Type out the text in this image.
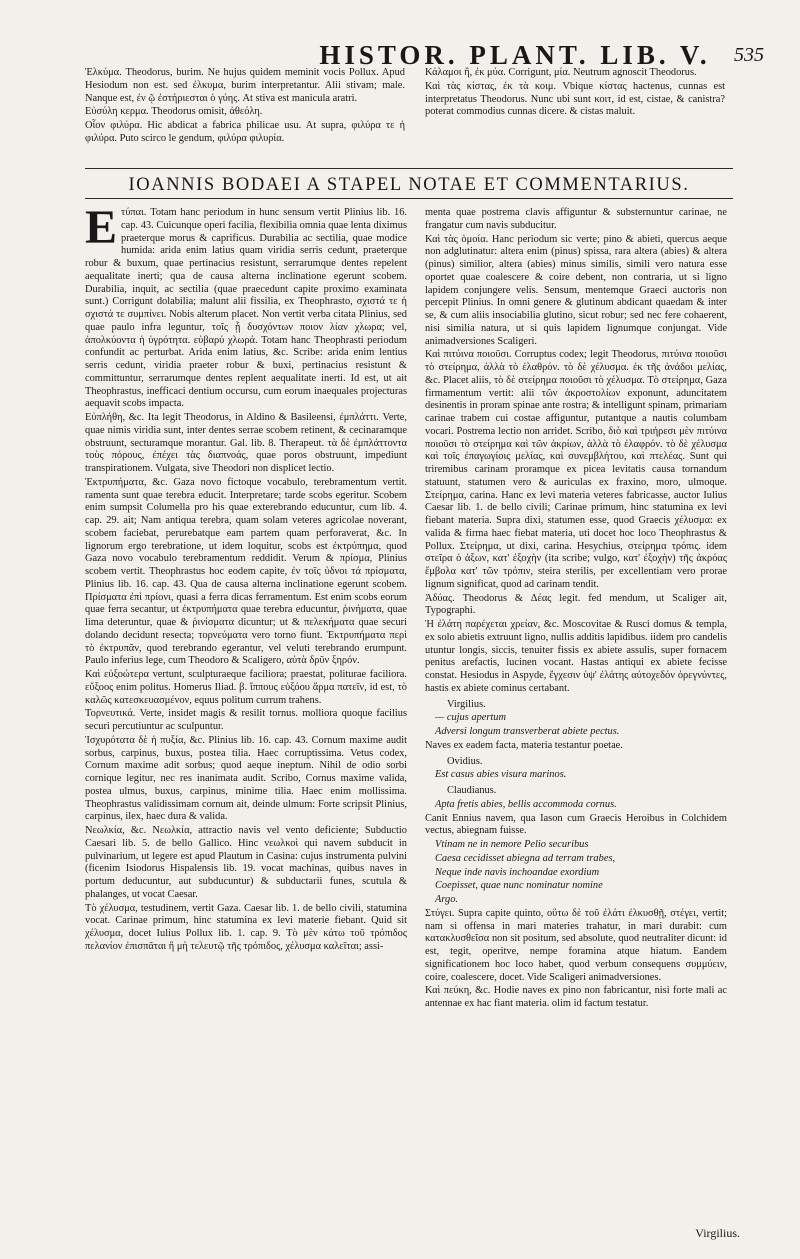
HISTOR. PLANT. LIB. V.	535

Ἐλκύμα. Theodorus, burim. Ne hujus quidem meminit vocis Pollux. Apud Hesiodum non est. sed ἐλκυμα, burim interpretantur. Alii stivam; male. Nanque est, ἐν ῷ ἐστήριεσται ὁ γύης. At stiva est manicula aratri.

Εὐσύλη κερμα. Theodorus omisit, ἀθεόλη.

Οἷον φιλύρα. Hic abdicat a fabrica philicae usu. At supra, φιλύρα τε ἡ φιλύρα. Puto scirco le gendum, φιλύρα φιλυρία.

Κάλαμοι ἢ, ἐκ μύα. Corrigunt, μία. Neutrum agnoscit Theodorus.

Καὶ τὰς κίστας, ἐκ τὰ κοιμ. Vbique κίστας hactenus, cunnas est interpretatus Theodorus. Nunc ubi sunt κοιτ, id est, cistae, & canistra? poterat commodius cunnas dicere. & cistas maluit.

IOANNIS BODAEI A STAPEL NOTAE ET COMMENTARIUS.

Eτύπαι. Totam hanc periodum in hunc sensum vertit Plinius lib. 16. cap. 43. Cuicunque operi facilia, flexibilia omnia quae lenta diximus praeterque morus & caprificus. Durabilia ac sectilia, quae modice humida: arida enim latius quam viridia serris cedunt, praeterque robur & buxum, quae pertinacius resistunt, serrarumque dentes repelent aequalitate inerti; qua de causa alterna inclinatione egerunt scobem. Durabilia, inquit, ac sectilia (quae praecedunt capite proximo examinata sunt.) Corrigunt dolabilia; malunt alii fissilia, ex Theophrasto, σχιστά τε ἡ σχιστά τε συμπίνει. Nobis alterum placet. Non vertit verba citata Plinius, sed quae paulo infra leguntur, τοῖς ᾗ δυσχόντων ποιον λίαν χλωρα; vel, ἀπολκύοντα ἡ ὑγρότητα. εὐβαρύ χλωρά. Totam hanc Theophrasti periodum confundit ac perturbat. Arida enim latius, &c. Scribe: arida enim lentius serris cedunt, viridia praeter robur & buxi, pertinacius resistunt & committuntur, serrarumque dentes replent aequalitate inerti. Id est, ut ait Theophrastus, inefficaci dentium occursu, cum eorum inaequales projecturas aequavit scobs impacta.

Εὐπλήθη, &c. Ita legit Theodorus, in Aldino & Basileensi, ἐμπλάττι. Verte, quae nimis viridia sunt, inter dentes serrae scobem retinent, & cecinaramque obstruunt, secturamque morantur. Gal. lib. 8. Therapeut. τὰ δὲ ἐμπλάττοντα τοὺς πόρους, ἐπέχει τὰς διαπνοάς, quae poros obstruunt, impediunt transpirationem. Vulgata, sive Theodori non displicet lectio.

Ἐκτρυπήματα, &c. Gaza novo fictoque vocabulo, terebramentum vertit. ramenta sunt quae terebra educit. Interpretare; tarde scobs egeritur. Scobem enim sumpsit Columella pro his quae exterebrando educuntur, cum lib. 4. cap. 29. ait; Nam antiqua terebra, quam solam veteres agricolae noverant, scobem faciebat, perurebatque eam partem quam perforaverat, &c. In lignorum ergo terebratione, ut idem loquitur, scobs est ἐκτρύπημα, quod Gaza novo vocabulo terebramentum reddidit. Verum & πρίσμα, Plinius scobem vertit. Theophrastus hoc eodem capite, ἐν τοῖς ὑδνοι τά πρίσματα, Plinius lib. 16. cap. 43. Qua de causa alterna inclinatione egerunt scobem. Πρίσματα ἐπὶ πρίονι, quasi a ferra dicas ferramentum. Est enim scobs eorum quae ferra secantur, ut ἐκτρυπήματα quae terebra educuntur, ῥινήματα, quae lima deteruntur, quae & ῥινίσματα dicuntur; ut & πελεκήματα quae securi dolando decidunt resecta; τορνεύματα vero torno fiunt. Ἐκτρυπήματα περὶ τὸ ἐκτρυπᾶν, quod terebrando egerantur, vel veluti terebrando erumpunt. Paulo inferius lege, cum Theodoro & Scaligero, αὐτὰ δρῦν ξηρόν.

Καὶ εὐξοώτερα vertunt, sculpturaeque faciliora; praestat, politurae faciliora. εὔξοος enim politus. Homerus Iliad. β. ἵππους εὐξόου ἅρμα πατεῖν, id est, τὸ καλῶς κατεσκευασμένον, equus politum currum trahens.

Τορνευτικά. Verte, insidet magis & resilit tornus. molliora quoque facilius securi percutiuntur ac sculpuntur.

Ἰσχυρότατα δὲ ἡ πυξία, &c. Plinius lib. 16. cap. 43. Cornum maxime audit sorbus, carpinus, buxus, postea tilia. Haec corruptissima. Vetus codex, Cornum maxime adit sorbus; quod aeque ineptum. Nihil de odio sorbi cornique legitur, nec res inanimata audit. Scribo, Cornus maxime valida, postea ulmus, buxus, carpinus, minime tilia. Haec enim mollissima. Theophrastus validissimam cornum ait, deinde ulmum: Forte scripsit Plinius, carpinus, ilex, haec dura & valida.

Νεωλκία, &c. Νεωλκία, attractio navis vel vento deficiente; Subductio Caesari lib. 5. de bello Gallico. Hinc νεωλκοὶ qui navem subducit in pulvinarium, ut legere est apud Plautum in Casina: cujus instrumenta pulvini (ficenim Isiodorus Hispalensis lib. 19. vocat machinas, quibus naves in portum deducuntur, aut subducuntur) & subductarii funes, scutula & phalanges, ut vocat Caesar.

Τὸ χέλυσμα, testudinem, vertit Gaza. Caesar lib. 1. de bello civili, statumina vocat. Carinae primum, hinc statumina ex levi materie fiebant. Quid sit χέλυσμα, docet Iulius Pollux lib. 1. cap. 9. Τὸ μὲν κάτω τοῦ τρόπιδος πελανίον ἐπισπᾶται ἢ μὴ τελευτῷ τῆς τρόπιδος, χέλυσμα καλεῖται; assi-

menta quae postrema clavis affiguntur & substernuntur carinae, ne frangatur cum navis subducitur.

Καὶ τὰς ὁμοία. Hanc periodum sic verte; pino & abieti, quercus aeque non adglutinatur: altera enim (pinus) spissa, rara altera (abies) & altera (pinus) similior, altera (abies) minus similis, simili vero natura esse oportet quae coalescere & coire debent, non contraria, ut si ligno lapidem conjungere velis. Sensum, mentemque Graeci auctoris non percepit Plinius. In omni genere & glutinum abdicant quaedam & inter se, & cum aliis insociabilia glutino, sicut robur; sed nec fere cohaerent, nisi similia natura, ut si quis lapidem lignumque conjungat. Vide animadversiones Scaligeri.

Καὶ πιτύινα ποιοῦσι. Corruptus codex; legit Theodorus, πιτύινα ποιοῦσι τὸ στείρημα, ἀλλὰ τὸ ἐλαθρόν. τὸ δὲ χέλυσμα. ἐκ τῆς ἀνάδοι μελίας, &c. Placet aliis, τὸ δὲ στείρημα ποιοῦσι τὸ χέλυσμα. Τὸ στείρημα, Gaza firmamentum vertit: alii τῶν ἀκροστολίων exponunt, aduncitatem desinentis in proram spinae ante rostra; & intelligunt spinam, primariam carinae trabem cui costae affiguntur, putantque a nautis columbam vocari. Postrema lectio non arridet. Scribo, διὸ καὶ τριήρεσι μὲν πιτύινα ποιοῦσι τὸ στείρημα καὶ τῶν ἀκρίων, ἀλλὰ τὸ ἐλαφρόν. τὸ δὲ χέλυσμα καὶ τοῖς ἐπαγωγίοις μελίας, καὶ συνεμβλήτου, καὶ πτελέας. Sunt qui triremibus carinam proramque ex picea levitatis causa tornandum statuunt, statumen vero & auriculas ex fraxino, moro, ulmoque. Στείρημα, carina. Hanc ex levi materia veteres fabricasse, auctor Iulius Caesar lib. 1. de bello civili; Carinae primum, hinc statumina ex levi fiebant materia. Supra dixi, statumen esse, quod Graecis χέλυσμα: ex valida & firma haec fiebat materia, uti docet hoc loco Theophrastus & Pollux. Στείρημα, ut dixi, carina. Hesychius, στείρημα τρόπις. idem στεῖρα ὁ ἀξων, κατ' ἐξοχὴν (ita scribe; vulgo, κατ' ἐξοχὴν) τῆς ἀκρόας ἔμβολα κατ' τῶν τρόπιν, steira sterilis, per excellentiam vero proraе lignum significat, quod ad carinam tendit.

Ἀδύας. Theodorus & Δέας legit. fed mendum, ut Scaliger ait, Typographi.

Ἡ ἐλάτη παρέχεται χρείαν, &c. Moscovitae & Rusci domus & templa, ex solo abietis extruunt ligno, nullis additis lapidibus. iidem pro candelis utuntur longis, siccis, tenuiter fissis ex abiete assulis, super fornacem penitus arefactis, lucinen vocant. Hastas antiqui ex abiete fecisse constat. Hesiodus in Aspyde, ἔγχεσιν ὑψ' ἐλάτης αὐτοχεδόν ὀρεγνύντες, hastis ex abiete cominus certabant.

Virgilius.

— cujus apertum

Adversi longum transverberat abiete pectus.

Naves ex eadem facta, materia testantur poetae.

Ovidius.

Est casus abies visura marinos.

Claudianus.

Apta fretis abies, bellis accommoda cornus.

Canit Ennius navem, qua Iason cum Graecis Heroibus in Colchidem vectus, abiegnam fuisse.

Vtinam ne in nemore Pelio securibus

Caesa cecidisset abiegna ad terram trabes,

Neque inde navis inchoandae exordium

Coepisset, quae nunc nominatur nomine

Argo.

Στύγει. Supra capite quinto, οὕτω δὲ τοῦ ἐλάτι ἐλκυσθῇ, στέγει, vertit; nam si offensa in mari materies trahatur, in mari durabit: cum κατακλυσθεῖσα non sit positum, sed absolute, quod neutraliter dicunt: id est, tegit, operitve, nempe foramina atque hiatum. Eandem significationem hoc loco habet, quod verbum consequens συμμύειν, coire, coalescere, docet. Vide Scaligeri animadversiones.

Καὶ πεύκη, &c. Hodie naves ex pino non fabricantur, nisi forte mali ac antennae ex hac fiant materia. olim id factum testatur.

Virgilius.
